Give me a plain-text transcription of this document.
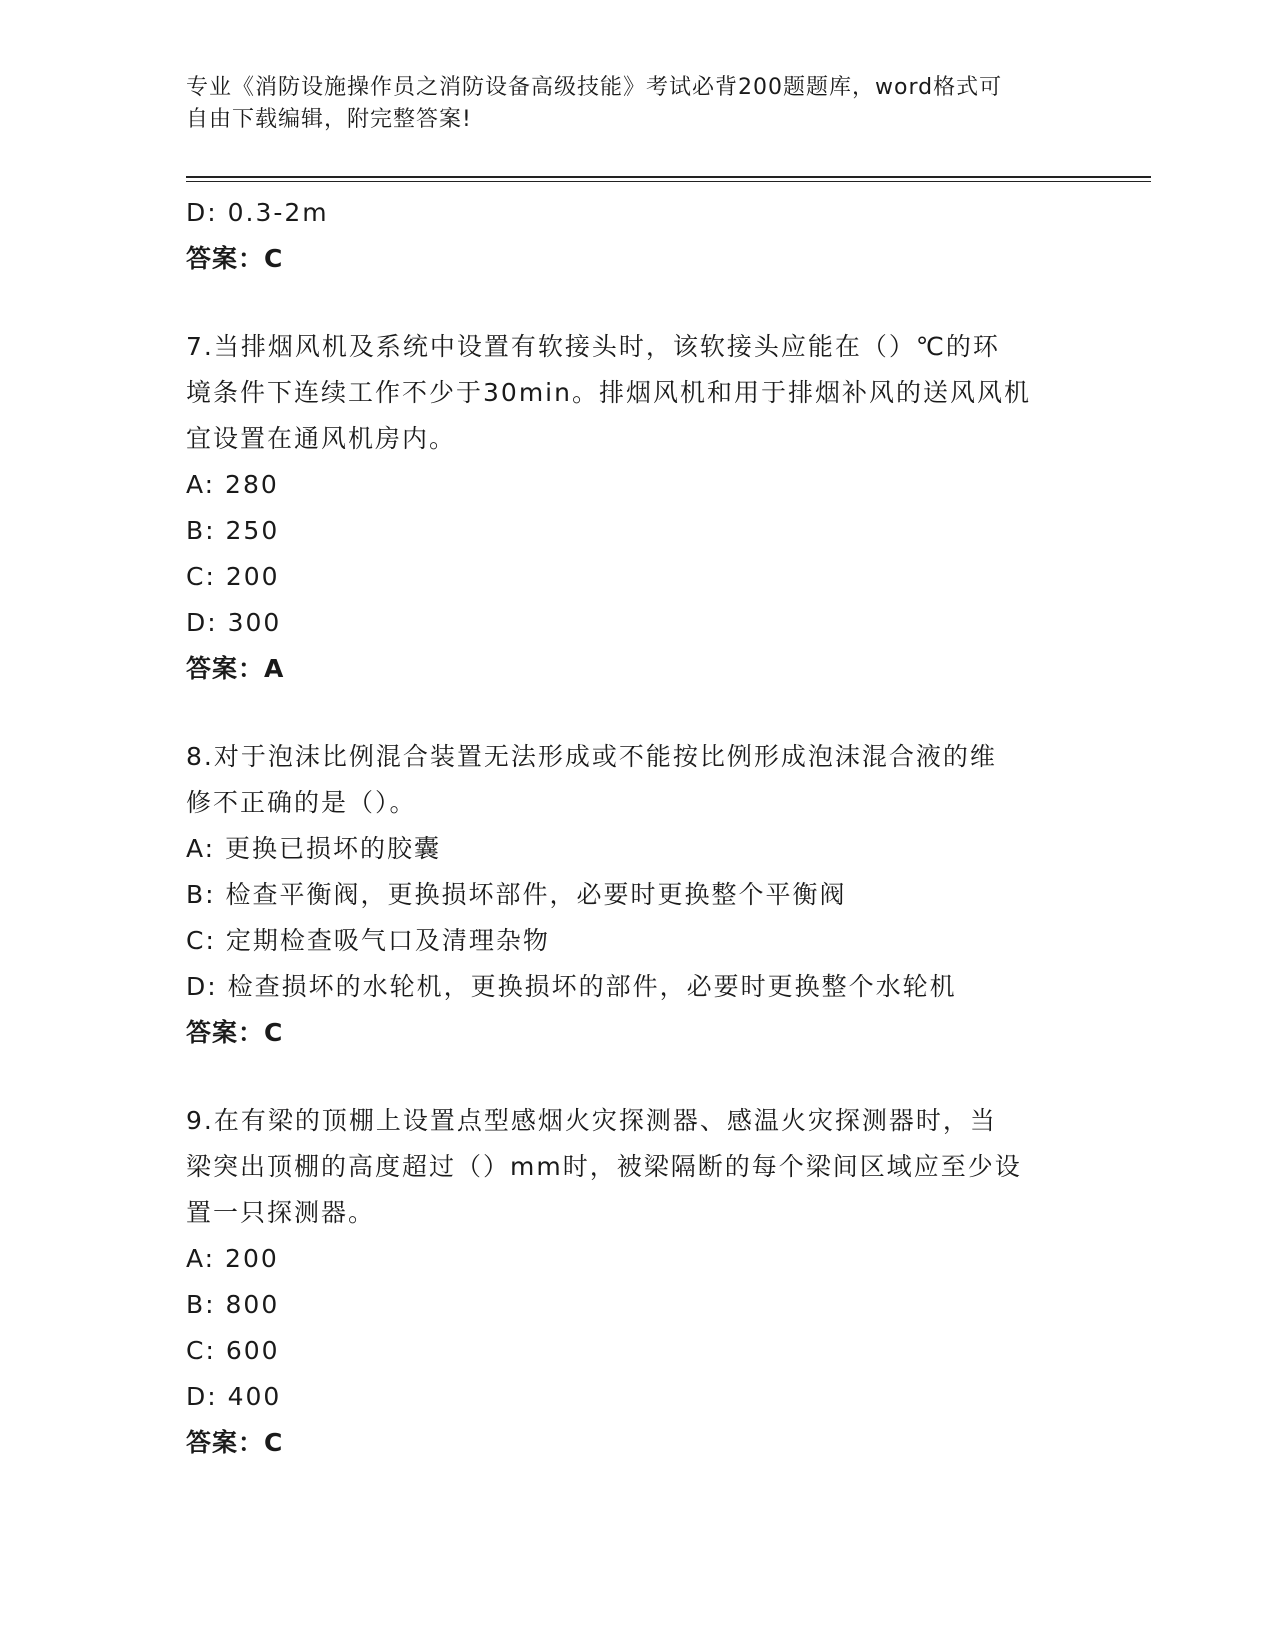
专业《消防设施操作员之消防设备高级技能》考试必背200题题库，word格式可
自由下载编辑，附完整答案!
D: 0.3-2m
答案：C
7.当排烟风机及系统中设置有软接头时，该软接头应能在（）℃的环
境条件下连续工作不少于30min。排烟风机和用于排烟补风的送风风机
宜设置在通风机房内。
A: 280
B: 250
C: 200
D: 300
答案：A
8.对于泡沫比例混合装置无法形成或不能按比例形成泡沫混合液的维
修不正确的是（）。
A: 更换已损坏的胶囊
B: 检查平衡阀，更换损坏部件，必要时更换整个平衡阀
C: 定期检查吸气口及清理杂物
D: 检查损坏的水轮机，更换损坏的部件，必要时更换整个水轮机
答案：C
9.在有梁的顶棚上设置点型感烟火灾探测器、感温火灾探测器时，当
梁突出顶棚的高度超过（）mm时，被梁隔断的每个梁间区域应至少设
置一只探测器。
A: 200
B: 800
C: 600
D: 400
答案：C
